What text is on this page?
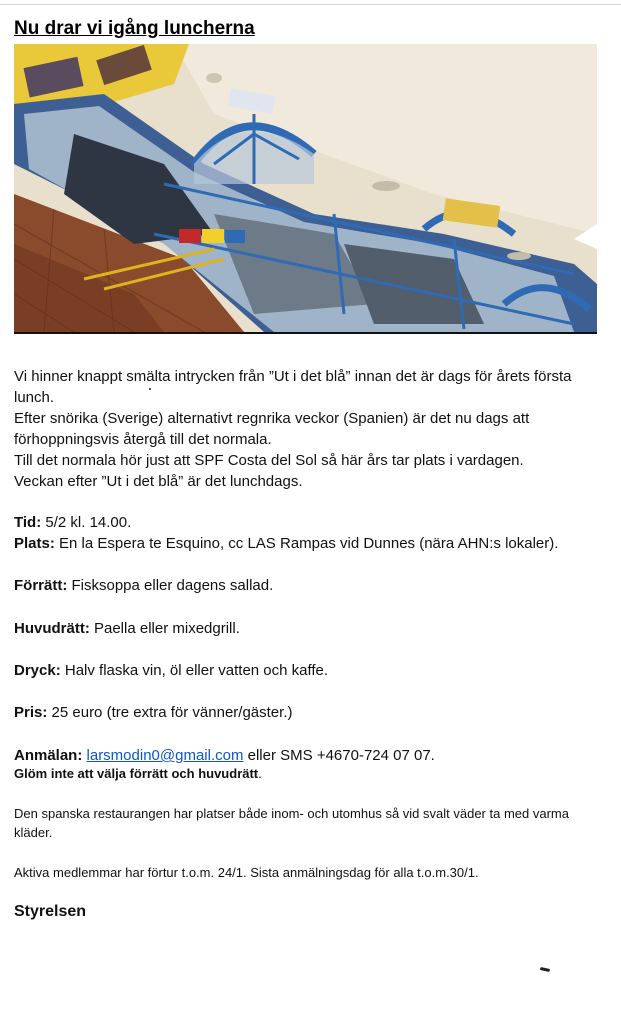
Nu drar vi igång luncherna

Vi hinner knappt smälta intrycken från ”Ut i det blå” innan det är dags för årets första lunch.

Efter snörika (Sverige) alternativt regnrika veckor (Spanien) är det nu dags att förhoppningsvis återgå till det normala.

Till det normala hör just att SPF Costa del Sol så här års tar plats i vardagen.

Veckan efter ”Ut i det blå” är det lunchdags.

Tid: 5/2 kl. 14.00.
Plats: En la Espera te Esquino, cc LAS Rampas vid Dunnes (nära AHN:s lokaler).
Förrätt: Fisksoppa eller dagens sallad.
Huvudrätt: Paella eller mixedgrill.
Dryck: Halv flaska vin, öl eller vatten och kaffe.
Pris: 25 euro (tre extra för vänner/gäster.)
Anmälan: larsmodin0@gmail.com eller SMS +4670-724 07 07.
Glöm inte att välja förrätt och huvudrätt.
Den spanska restaurangen har platser både inom- och utomhus så vid svalt väder ta med varma kläder.
Aktiva medlemmar har förtur t.o.m. 24/1. Sista anmälningsdag för alla t.o.m.30/1.
Styrelsen
